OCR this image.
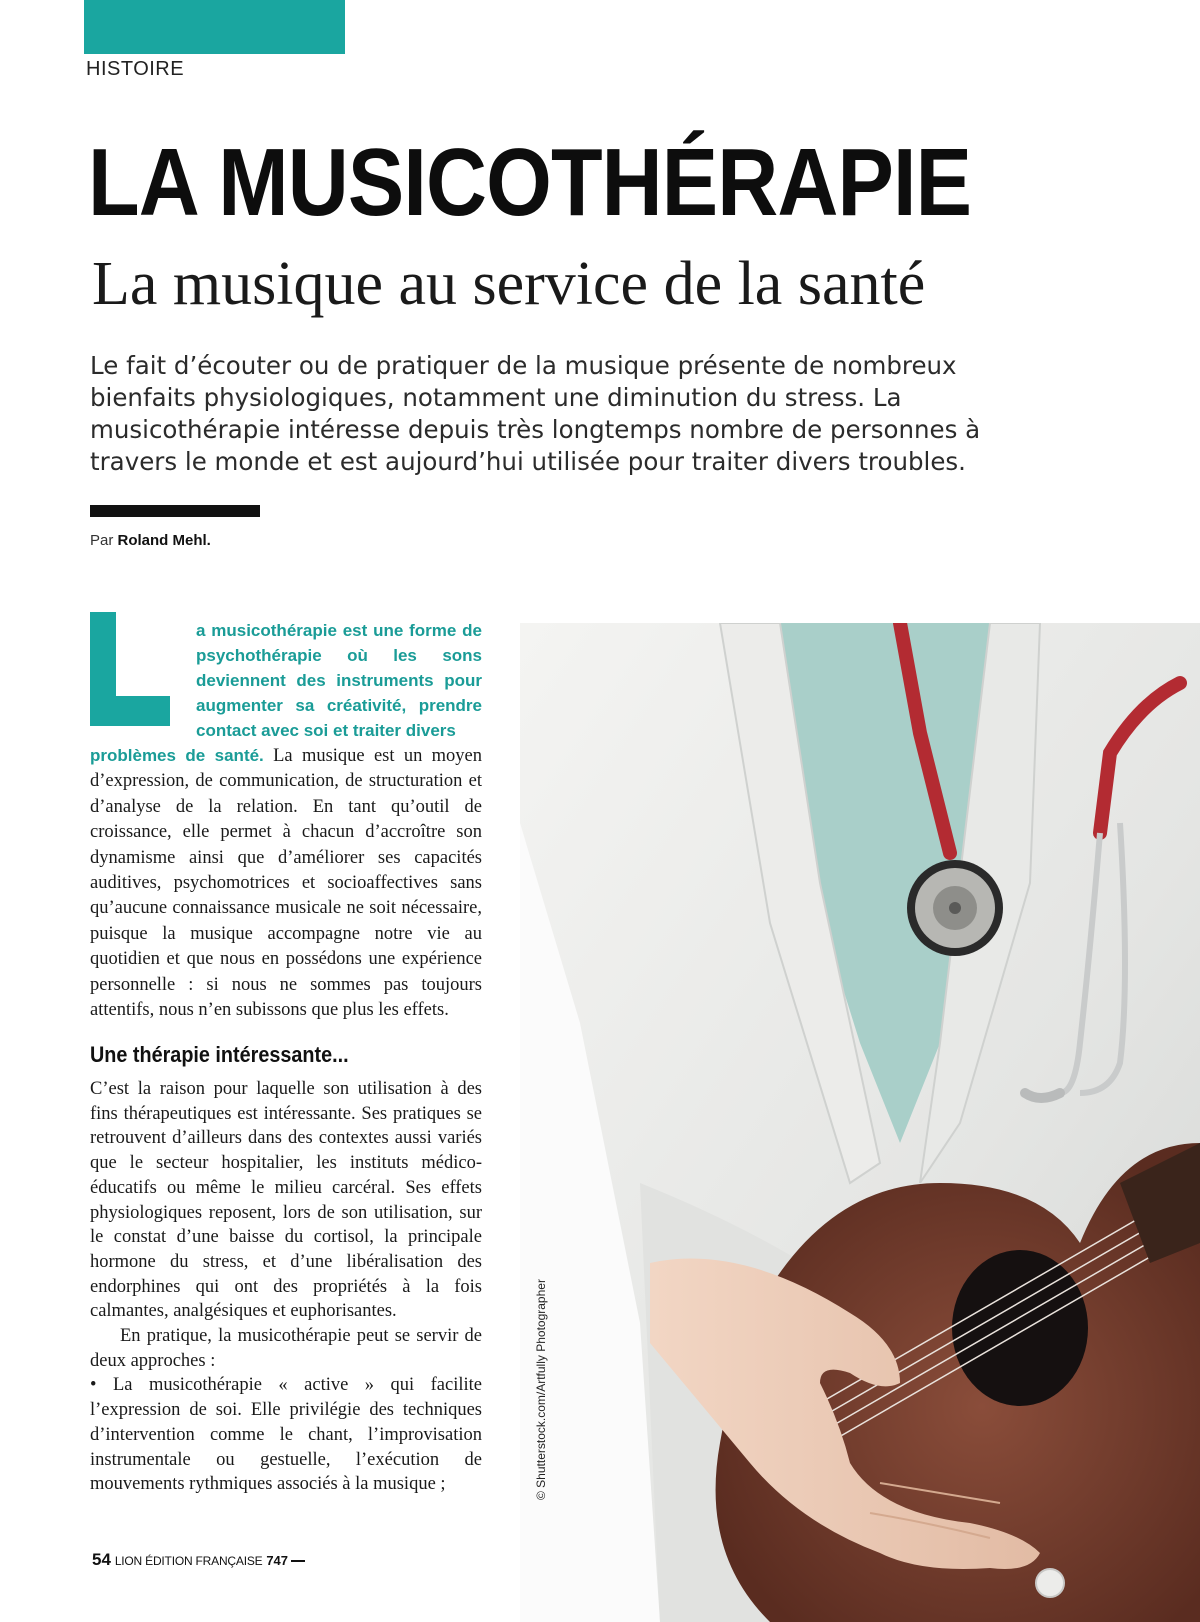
HISTOIRE
LA MUSICOTHÉRAPIE
La musique au service de la santé

Le fait d’écouter ou de pratiquer de la musique présente de nombreux bienfaits physiologiques, notamment une diminution du stress. La musicothérapie intéresse depuis très longtemps nombre de personnes à travers le monde et est aujourd’hui utilisée pour traiter divers troubles.

Par Roland Mehl.

a musicothérapie est une forme de psychothérapie où les sons deviennent des instruments pour augmenter sa créativité, prendre contact avec soi et traiter divers

problèmes de santé. La musique est un moyen d’expression, de communication, de structuration et d’analyse de la relation. En tant qu’outil de croissance, elle permet à chacun d’accroître son dynamisme ainsi que d’améliorer ses capacités auditives, psychomotrices et socioaffectives sans qu’aucune connaissance musicale ne soit nécessaire, puisque la musique accompagne notre vie au quotidien et que nous en possédons une expérience personnelle : si nous ne sommes pas toujours attentifs, nous n’en subissons que plus les effets.

Une thérapie intéressante...

C’est la raison pour laquelle son utilisation à des fins thérapeutiques est intéressante. Ses pratiques se retrouvent d’ailleurs dans des contextes aussi variés que le secteur hospitalier, les instituts médico-éducatifs ou même le milieu carcéral. Ses effets physiologiques reposent, lors de son utilisation, sur le constat d’une baisse du cortisol, la principale hormone du stress, et d’une libéralisation des endorphines qui ont des propriétés à la fois calmantes, analgésiques et euphorisantes.

En pratique, la musicothérapie peut se servir de deux approches :

• La musicothérapie « active » qui facilite l’expression de soi. Elle privilégie des techniques d’intervention comme le chant, l’improvisation instrumentale ou gestuelle, l’exécution de mouvements rythmiques associés à la musique ;	© Shutterstock.com/Artfully Photographer
54 LION ÉDITION FRANÇAISE 747
